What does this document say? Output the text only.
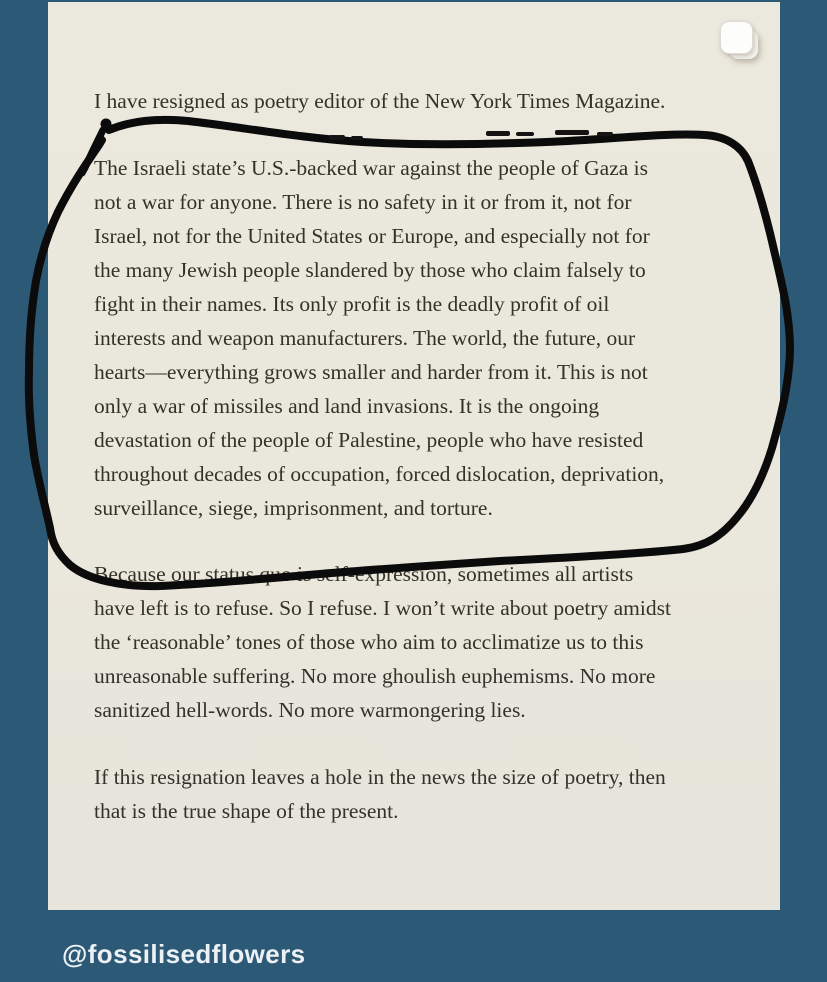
I have resigned as poetry editor of the New York Times Magazine.
The Israeli state’s U.S.-backed war against the people of Gaza is
not a war for anyone. There is no safety in it or from it, not for
Israel, not for the United States or Europe, and especially not for
the many Jewish people slandered by those who claim falsely to
fight in their names. Its only profit is the deadly profit of oil
interests and weapon manufacturers. The world, the future, our
hearts—everything grows smaller and harder from it. This is not
only a war of missiles and land invasions. It is the ongoing
devastation of the people of Palestine, people who have resisted
throughout decades of occupation, forced dislocation, deprivation,
surveillance, siege, imprisonment, and torture.
Because our status quo is self-expression, sometimes all artists
have left is to refuse. So I refuse. I won’t write about poetry amidst
the ‘reasonable’ tones of those who aim to acclimatize us to this
unreasonable suffering. No more ghoulish euphemisms. No more
sanitized hell-words. No more warmongering lies.
If this resignation leaves a hole in the news the size of poetry, then
that is the true shape of the present.
@fossilisedflowers
